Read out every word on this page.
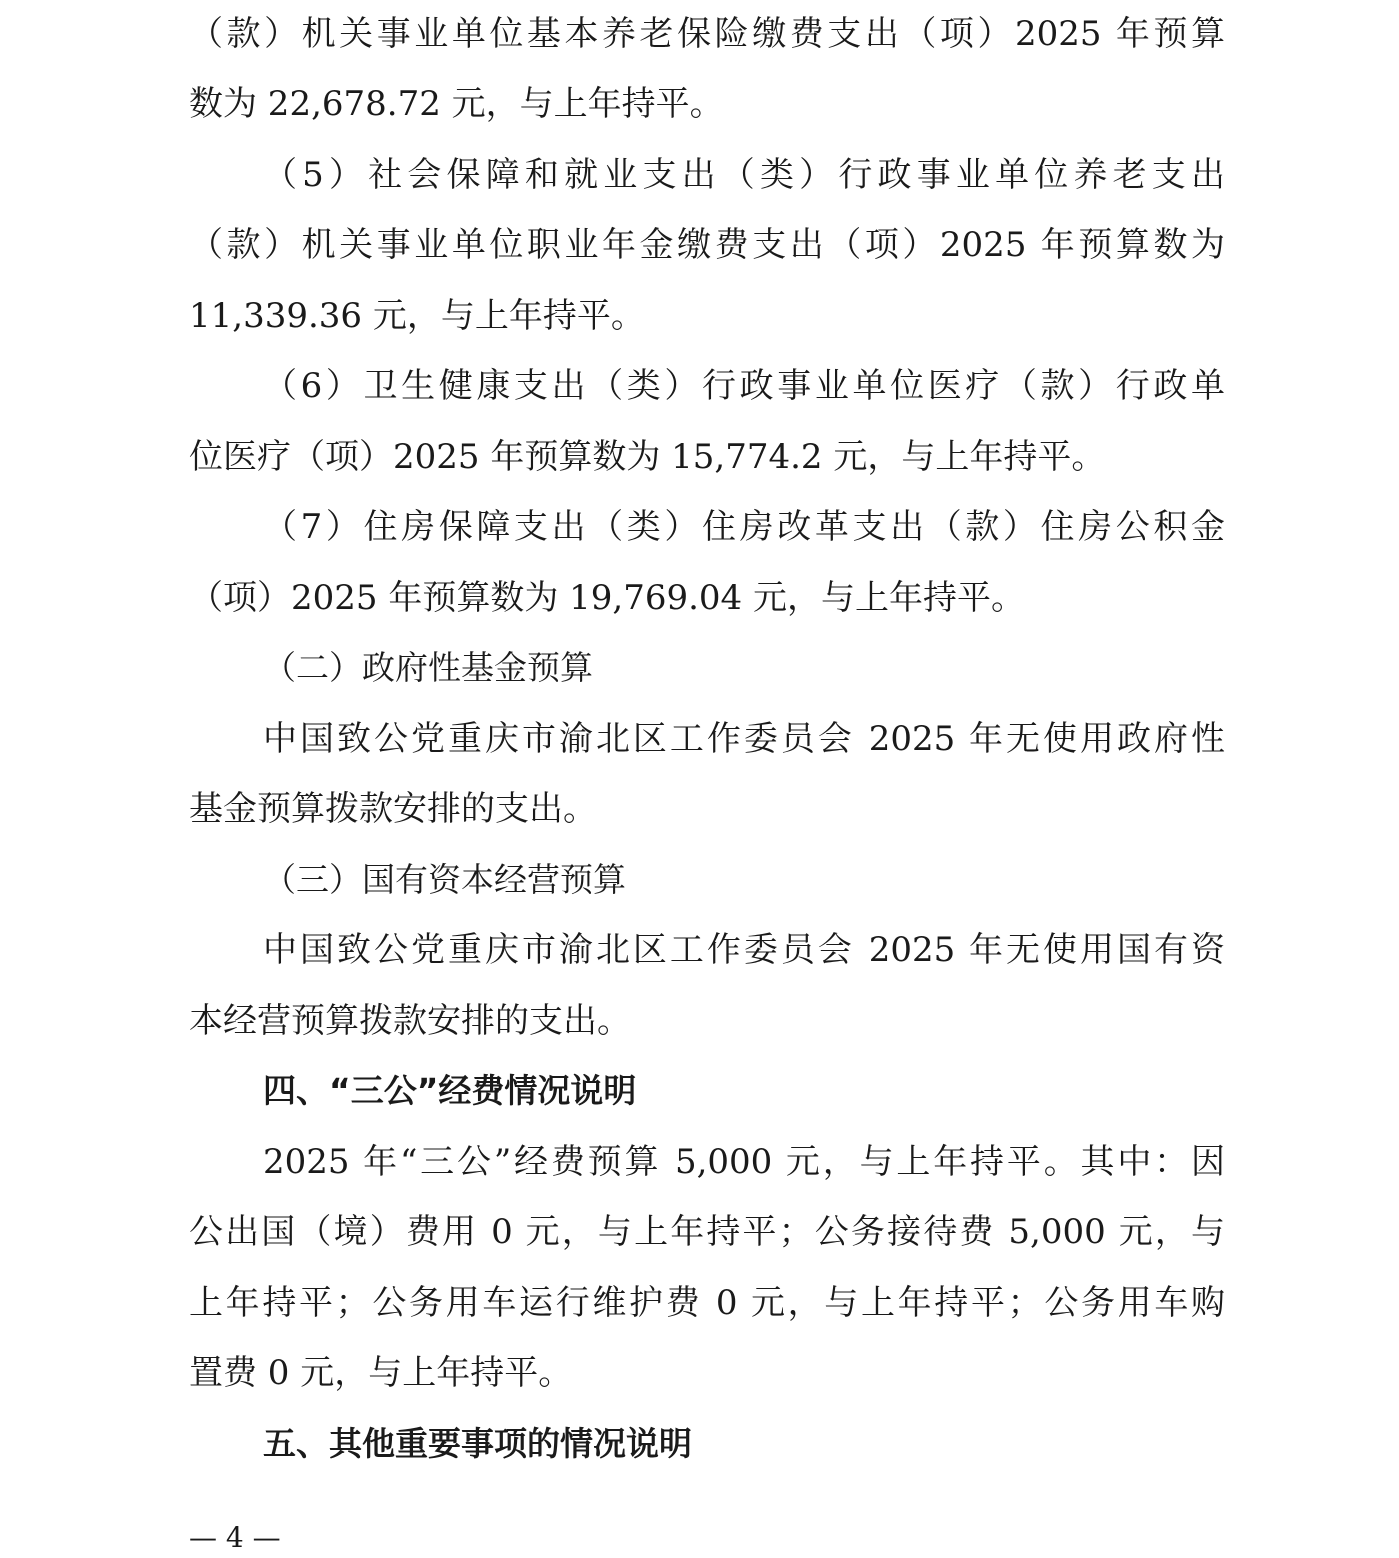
（款）机关事业单位基本养老保险缴费支出（项）2025 年预算
数为 22,678.72 元，与上年持平。
（5）社会保障和就业支出（类）行政事业单位养老支出
（款）机关事业单位职业年金缴费支出（项）2025 年预算数为
11,339.36 元，与上年持平。
（6）卫生健康支出（类）行政事业单位医疗（款）行政单
位医疗（项）2025 年预算数为 15,774.2 元，与上年持平。
（7）住房保障支出（类）住房改革支出（款）住房公积金
（项）2025 年预算数为 19,769.04 元，与上年持平。
（二）政府性基金预算
中国致公党重庆市渝北区工作委员会 2025 年无使用政府性
基金预算拨款安排的支出。
（三）国有资本经营预算
中国致公党重庆市渝北区工作委员会 2025 年无使用国有资
本经营预算拨款安排的支出。
四、“三公”经费情况说明
2025 年“三公”经费预算 5,000 元，与上年持平。其中：因
公出国（境）费用 0 元，与上年持平；公务接待费 5,000 元，与
上年持平；公务用车运行维护费 0 元，与上年持平；公务用车购
置费 0 元，与上年持平。
五、其他重要事项的情况说明
— 4 —
